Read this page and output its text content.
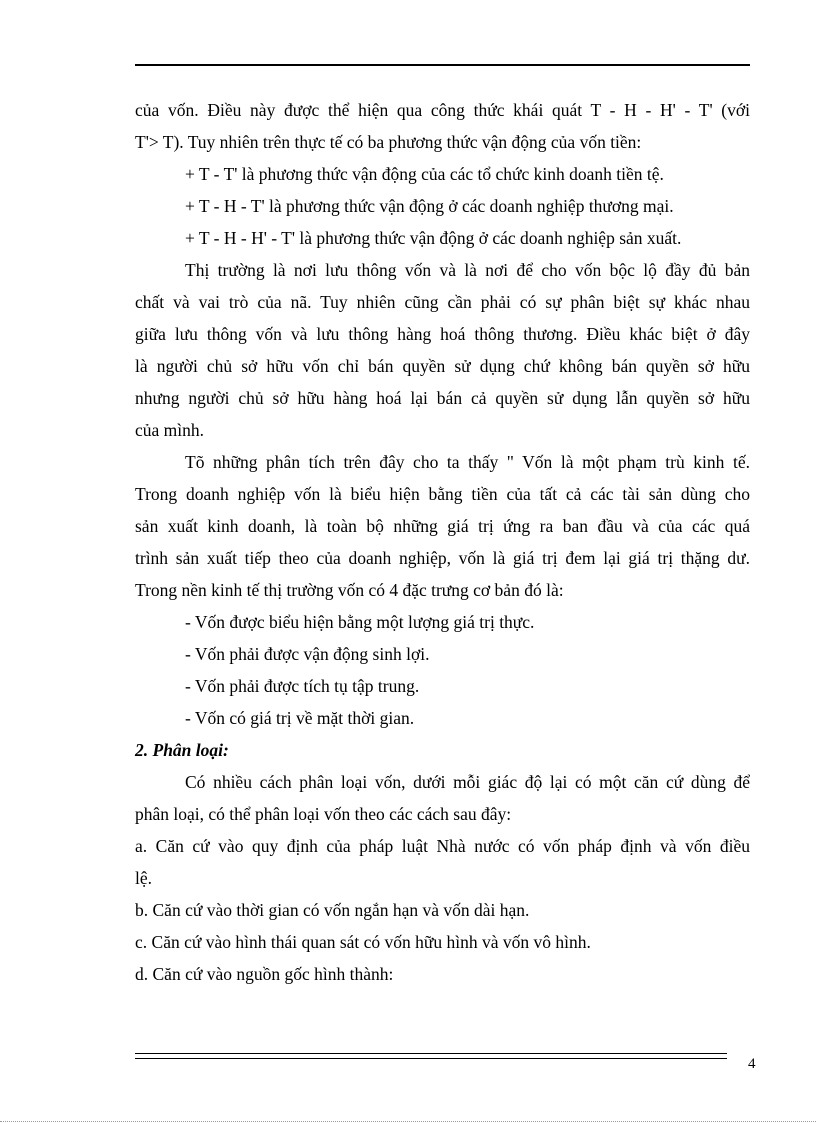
của vốn. Điều này được thể hiện qua công thức khái quát T - H - H' - T' (với
T'> T). Tuy nhiên trên thực tế có ba phương thức vận động của vốn tiền:
+ T - T' là phương thức vận động của các tổ chức kinh doanh tiền tệ.
+ T - H - T' là phương thức vận động ở các doanh nghiệp thương mại.
+ T - H - H' - T' là phương thức vận động ở các doanh nghiệp sản xuất.
Thị trường là nơi lưu thông vốn và là nơi để cho vốn bộc lộ đầy đủ bản
chất và vai trò của nã. Tuy nhiên cũng cần phải có sự phân biệt sự khác nhau
giữa lưu thông vốn và lưu thông hàng hoá thông thương. Điều khác biệt ở đây
là người chủ sở hữu vốn chỉ bán quyền sử dụng chứ không bán quyền sở hữu
nhưng người chủ sở hữu hàng hoá lại bán cả quyền sử dụng lẫn quyền sở hữu
của mình.
Tõ những phân tích trên đây cho ta thấy " Vốn là một phạm trù kinh tế.
Trong doanh nghiệp vốn là biểu hiện bằng tiền của tất cả các tài sản dùng cho
sản xuất kinh doanh, là toàn bộ những giá trị ứng ra ban đầu và của các quá
trình sản xuất tiếp theo của doanh nghiệp, vốn là giá trị đem lại giá trị thặng dư.
Trong nền kinh tế thị trường vốn có 4 đặc trưng cơ bản đó là:
- Vốn được biểu hiện bằng một lượng giá trị thực.
- Vốn phải được vận động sinh lợi.
- Vốn phải được tích tụ tập trung.
- Vốn có giá trị về mặt thời gian.
2. Phân loại:
Có nhiều cách phân loại vốn, dưới mỗi giác độ lại có một căn cứ dùng để
phân loại, có thể phân loại vốn theo các cách sau đây:
a. Căn cứ vào quy định của pháp luật Nhà nước có vốn pháp định và vốn điều
lệ.
b. Căn cứ vào thời gian có vốn ngắn hạn và vốn dài hạn.
c. Căn cứ vào hình thái quan sát có vốn hữu hình và vốn vô hình.
d. Căn cứ vào nguồn gốc hình thành:
4
